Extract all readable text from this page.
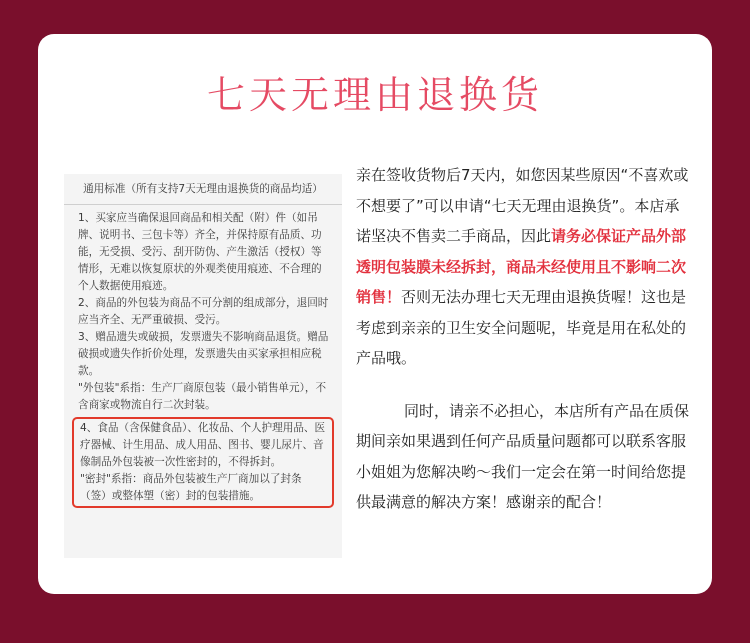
七天无理由退换货
通用标准（所有支持7天无理由退换货的商品均适）

1、买家应当确保退回商品和相关配（附）件（如吊牌、说明书、三包卡等）齐全，并保持原有品质、功能，无受损、受污、刮开防伪、产生激活（授权）等情形，无难以恢复原状的外观类使用痕迹、不合理的个人数据使用痕迹。

2、商品的外包装为商品不可分割的组成部分，退回时应当齐全、无严重破损、受污。

3、赠品遗失或破损，发票遗失不影响商品退货。赠品破损或遗失作折价处理，发票遗失由买家承担相应税款。

"外包装"系指：生产厂商原包装（最小销售单元），不含商家或物流自行二次封装。

4、食品（含保健食品）、化妆品、个人护理用品、医疗器械、计生用品、成人用品、图书、婴儿尿片、音像制品外包装被一次性密封的，不得拆封。

"密封"系指：商品外包装被生产厂商加以了封条（签）或整体塑（密）封的包装措施。

亲在签收货物后7天内，如您因某些原因“不喜欢或不想要了”可以申请“七天无理由退换货”。本店承诺坚决不售卖二手商品，因此请务必保证产品外部透明包装膜未经拆封，商品未经使用且不影响二次销售！否则无法办理七天无理由退换货喔！这也是考虑到亲亲的卫生安全问题呢，毕竟是用在私处的产品哦。

同时，请亲不必担心，本店所有产品在质保期间亲如果遇到任何产品质量问题都可以联系客服小姐姐为您解决哟～我们一定会在第一时间给您提供最满意的解决方案！感谢亲的配合！
